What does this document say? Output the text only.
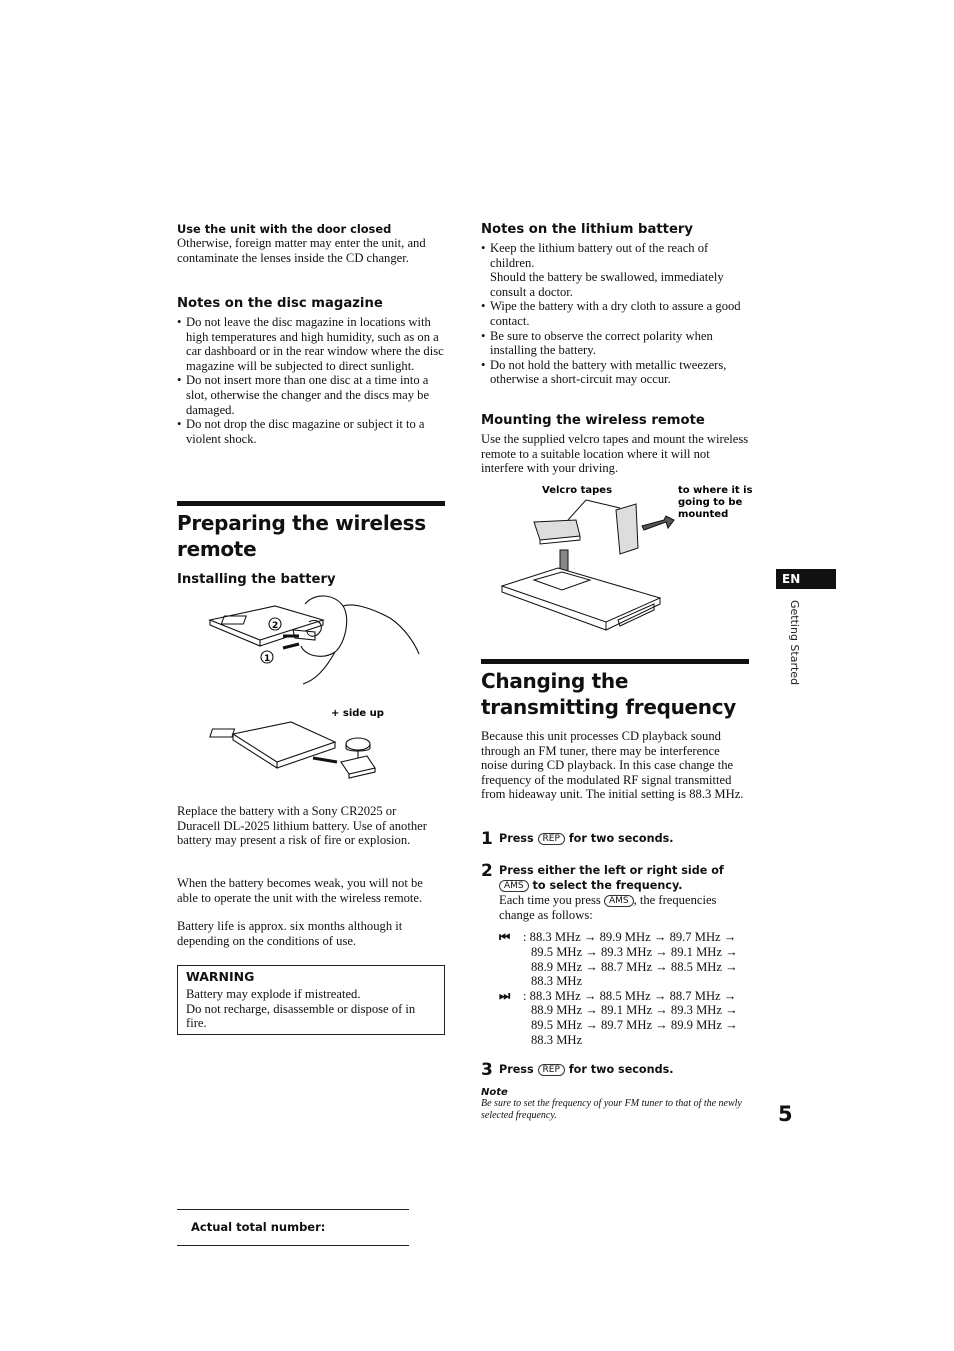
Use the unit with the door closed
Otherwise, foreign matter may enter the unit, and contaminate the lenses inside the CD changer.
Notes on the disc magazine
• Do not leave the disc magazine in locations with high temperatures and high humidity, such as on a car dashboard or in the rear window where the disc magazine will be subjected to direct sunlight.
• Do not insert more than one disc at a time into a slot, otherwise the changer and the discs may be damaged.
• Do not drop the disc magazine or subject it to a violent shock.
Preparing the wireless remote
Installing the battery
2
1
+ side up
Replace the battery with a Sony CR2025 or Duracell DL-2025 lithium battery. Use of another battery may present a risk of fire or explosion.
When the battery becomes weak, you will not be able to operate the unit with the wireless remote.
Battery life is approx. six months although it depending on the conditions of use.
WARNING
Battery may explode if mistreated.
Do not recharge, disassemble or dispose of in fire.
Actual total number:
Notes on the lithium battery
• Keep the lithium battery out of the reach of children.
Should the battery be swallowed, immediately consult a doctor.
• Wipe the battery with a dry cloth to assure a good contact.
• Be sure to observe the correct polarity when installing the battery.
• Do not hold the battery with metallic tweezers, otherwise a short-circuit may occur.
Mounting the wireless remote
Use the supplied velcro tapes and mount the wireless remote to a suitable location where it will not interfere with your driving.
Velcro tapes	to where it is going to be mounted
Changing the transmitting frequency
Because this unit processes CD playback sound through an FM tuner, there may be interference noise during CD playback. In this case change the frequency of the modulated RF signal transmitted from hideaway unit. The initial setting is 88.3 MHz.
1 Press REP for two seconds.
2 Press either the left or right side of
AMS to select the frequency.
Each time you press AMS , the frequencies change as follows:
⏮ : 88.3 MHz → 89.9 MHz → 89.7 MHz → 89.5 MHz → 89.3 MHz → 89.1 MHz → 88.9 MHz → 88.7 MHz → 88.5 MHz → 88.3 MHz
⏭ : 88.3 MHz → 88.5 MHz → 88.7 MHz → 88.9 MHz → 89.1 MHz → 89.3 MHz → 89.5 MHz → 89.7 MHz → 89.9 MHz → 88.3 MHz
3 Press REP for two seconds.
Note
Be sure to set the frequency of your FM tuner to that of the newly selected frequency.
EN
Getting Started
5
